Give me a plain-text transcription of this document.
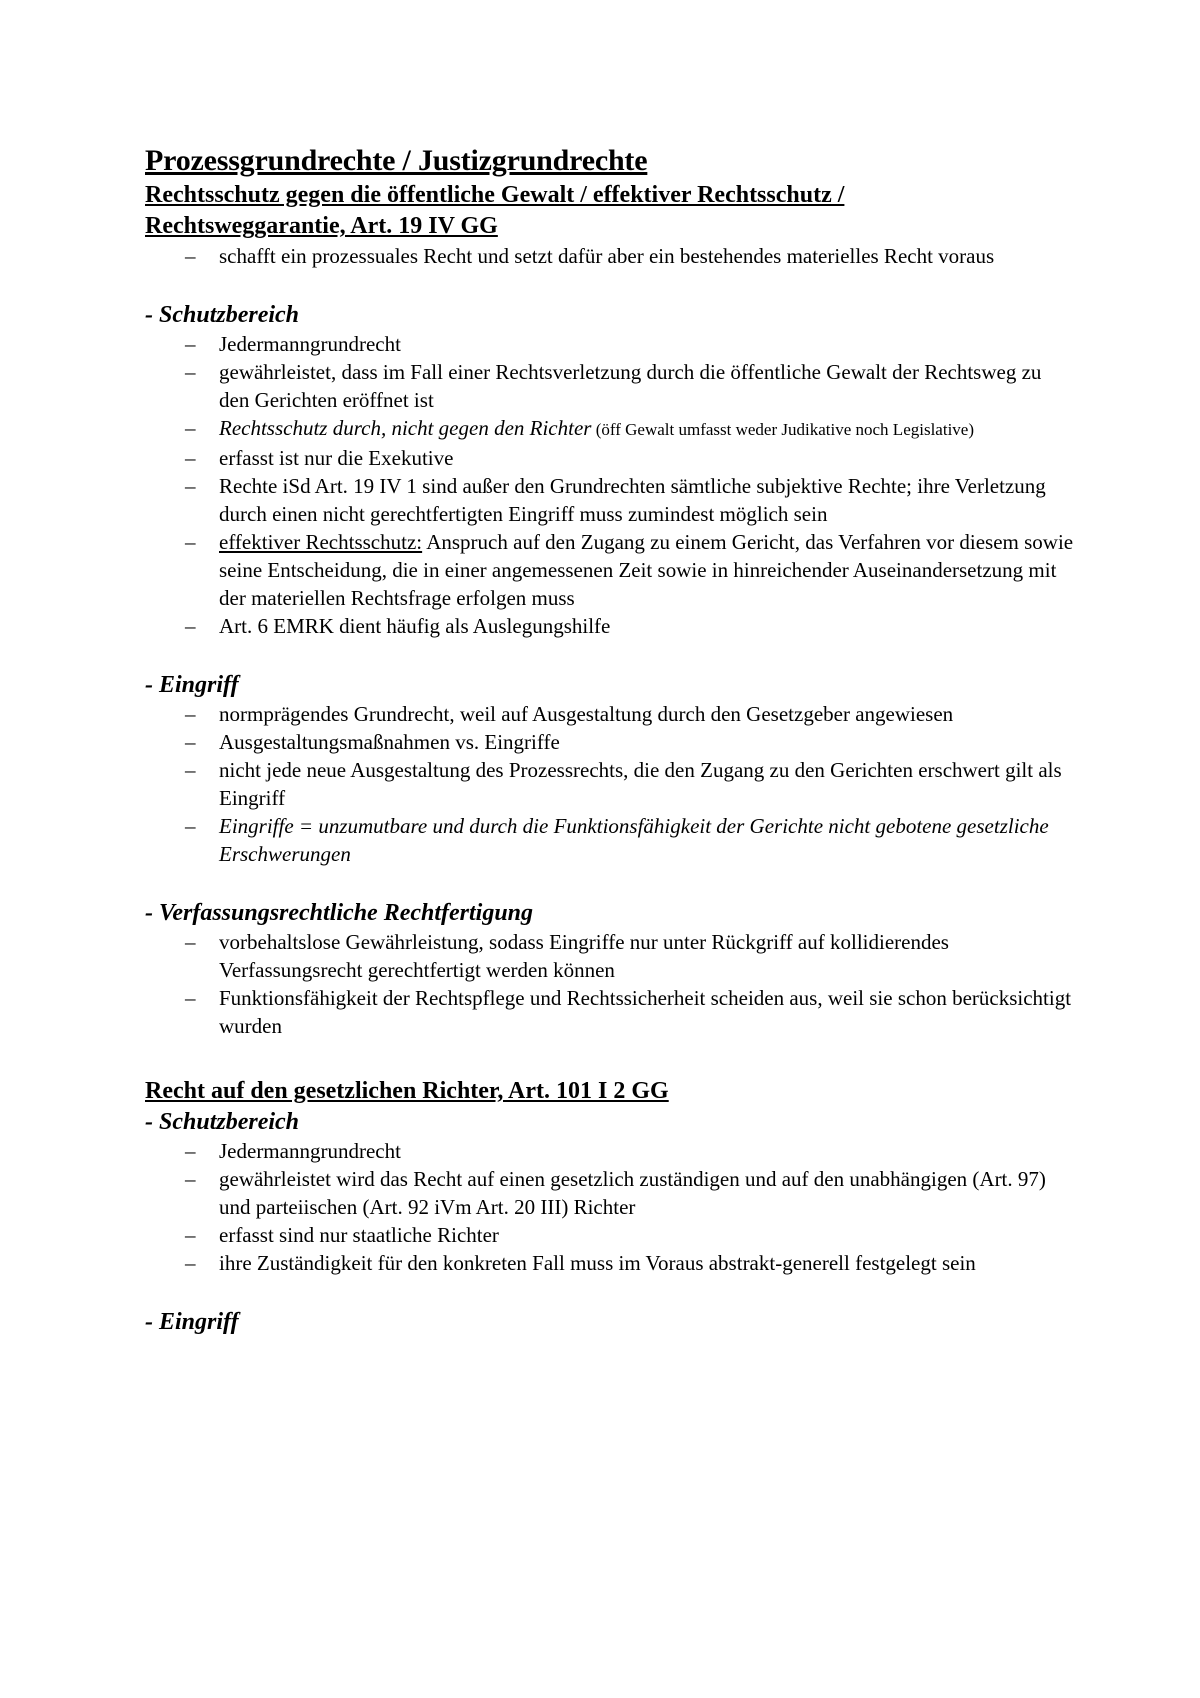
Prozessgrundrechte / Justizgrundrechte
Rechtsschutz gegen die öffentliche Gewalt / effektiver Rechtsschutz /
Rechtsweggarantie, Art. 19 IV GG
– schafft ein prozessuales Recht und setzt dafür aber ein bestehendes materielles Recht voraus
- Schutzbereich
– Jedermanngrundrecht
– gewährleistet, dass im Fall einer Rechtsverletzung durch die öffentliche Gewalt der Rechtsweg zu den Gerichten eröffnet ist
– Rechtsschutz durch, nicht gegen den Richter (öff Gewalt umfasst weder Judikative noch Legislative)
– erfasst ist nur die Exekutive
– Rechte iSd Art. 19 IV 1 sind außer den Grundrechten sämtliche subjektive Rechte; ihre Verletzung durch einen nicht gerechtfertigten Eingriff muss zumindest möglich sein
– effektiver Rechtsschutz: Anspruch auf den Zugang zu einem Gericht, das Verfahren vor diesem sowie seine Entscheidung, die in einer angemessenen Zeit sowie in hinreichender Auseinandersetzung mit der materiellen Rechtsfrage erfolgen muss
– Art. 6 EMRK dient häufig als Auslegungshilfe
- Eingriff
– normprägendes Grundrecht, weil auf Ausgestaltung durch den Gesetzgeber angewiesen
– Ausgestaltungsmaßnahmen vs. Eingriffe
– nicht jede neue Ausgestaltung des Prozessrechts, die den Zugang zu den Gerichten erschwert gilt als Eingriff
– Eingriffe = unzumutbare und durch die Funktionsfähigkeit der Gerichte nicht gebotene gesetzliche Erschwerungen
- Verfassungsrechtliche Rechtfertigung
– vorbehaltslose Gewährleistung, sodass Eingriffe nur unter Rückgriff auf kollidierendes Verfassungsrecht gerechtfertigt werden können
– Funktionsfähigkeit der Rechtspflege und Rechtssicherheit scheiden aus, weil sie schon berücksichtigt wurden
Recht auf den gesetzlichen Richter, Art. 101 I 2 GG
- Schutzbereich
– Jedermanngrundrecht
– gewährleistet wird das Recht auf einen gesetzlich zuständigen und auf den unabhängigen (Art. 97) und parteiischen (Art. 92 iVm Art. 20 III) Richter
– erfasst sind nur staatliche Richter
– ihre Zuständigkeit für den konkreten Fall muss im Voraus abstrakt-generell festgelegt sein
- Eingriff
